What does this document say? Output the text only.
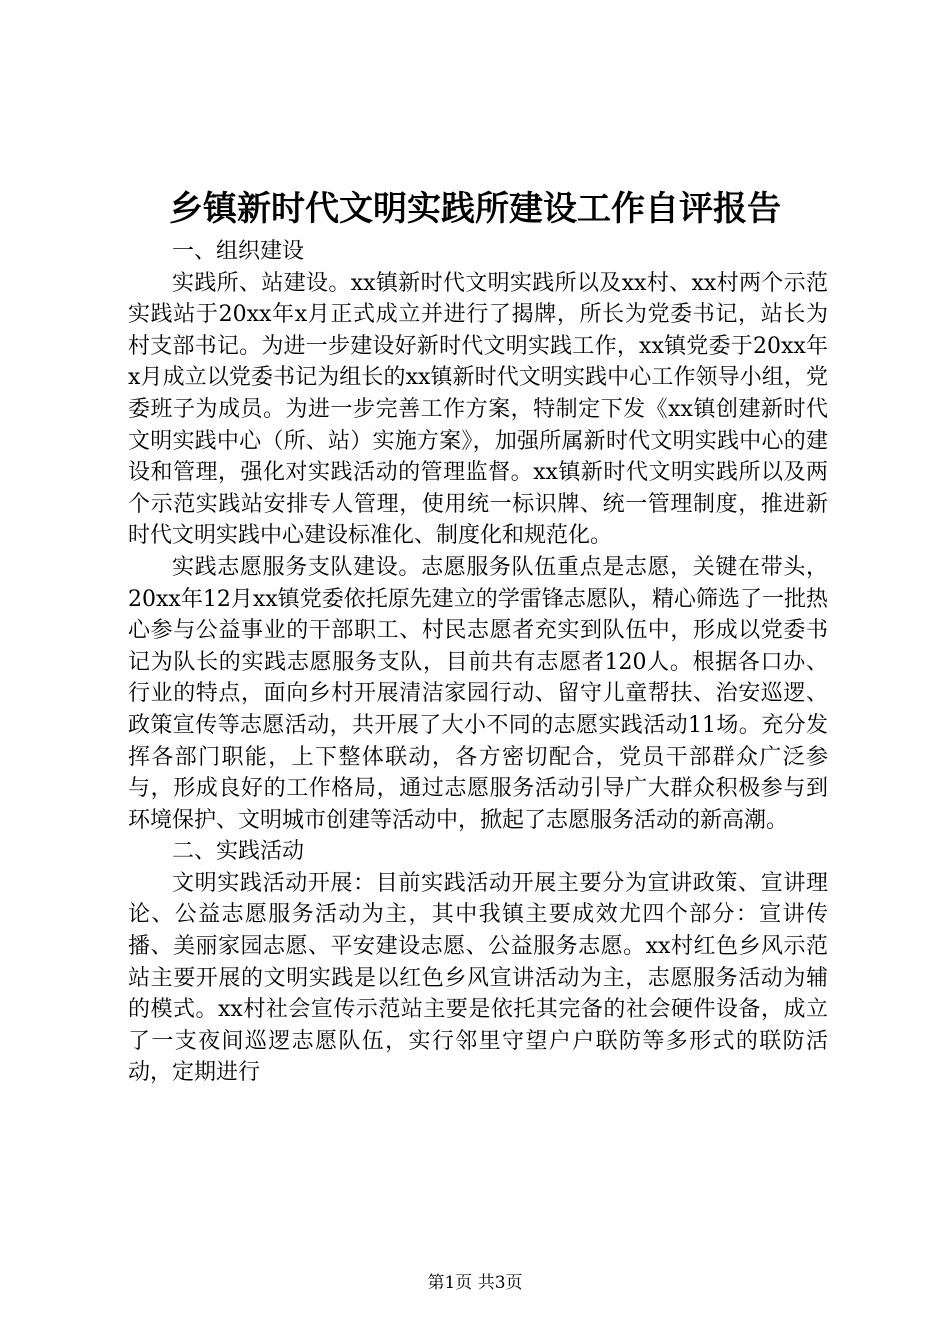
乡镇新时代文明实践所建设工作自评报告

一、组织建设

实践所、站建设。xx镇新时代文明实践所以及xx村、xx村两个示范实践站于20xx年x月正式成立并进行了揭牌，所长为党委书记，站长为村支部书记。为进一步建设好新时代文明实践工作，xx镇党委于20xx年x月成立以党委书记为组长的xx镇新时代文明实践中心工作领导小组，党委班子为成员。为进一步完善工作方案，特制定下发《xx镇创建新时代文明实践中心（所、站）实施方案》，加强所属新时代文明实践中心的建设和管理，强化对实践活动的管理监督。xx镇新时代文明实践所以及两个示范实践站安排专人管理，使用统一标识牌、统一管理制度，推进新时代文明实践中心建设标准化、制度化和规范化。

实践志愿服务支队建设。志愿服务队伍重点是志愿，关键在带头，20xx年12月xx镇党委依托原先建立的学雷锋志愿队，精心筛选了一批热心参与公益事业的干部职工、村民志愿者充实到队伍中，形成以党委书记为队长的实践志愿服务支队，目前共有志愿者120人。根据各口办、行业的特点，面向乡村开展清洁家园行动、留守儿童帮扶、治安巡逻、政策宣传等志愿活动，共开展了大小不同的志愿实践活动11场。充分发挥各部门职能，上下整体联动，各方密切配合，党员干部群众广泛参与，形成良好的工作格局，通过志愿服务活动引导广大群众积极参与到环境保护、文明城市创建等活动中，掀起了志愿服务活动的新高潮。

二、实践活动

文明实践活动开展：目前实践活动开展主要分为宣讲政策、宣讲理论、公益志愿服务活动为主，其中我镇主要成效尤四个部分：宣讲传播、美丽家园志愿、平安建设志愿、公益服务志愿。xx村红色乡风示范站主要开展的文明实践是以红色乡风宣讲活动为主，志愿服务活动为辅的模式。xx村社会宣传示范站主要是依托其完备的社会硬件设备，成立了一支夜间巡逻志愿队伍，实行邻里守望户户联防等多形式的联防活动，定期进行

第1页 共3页
